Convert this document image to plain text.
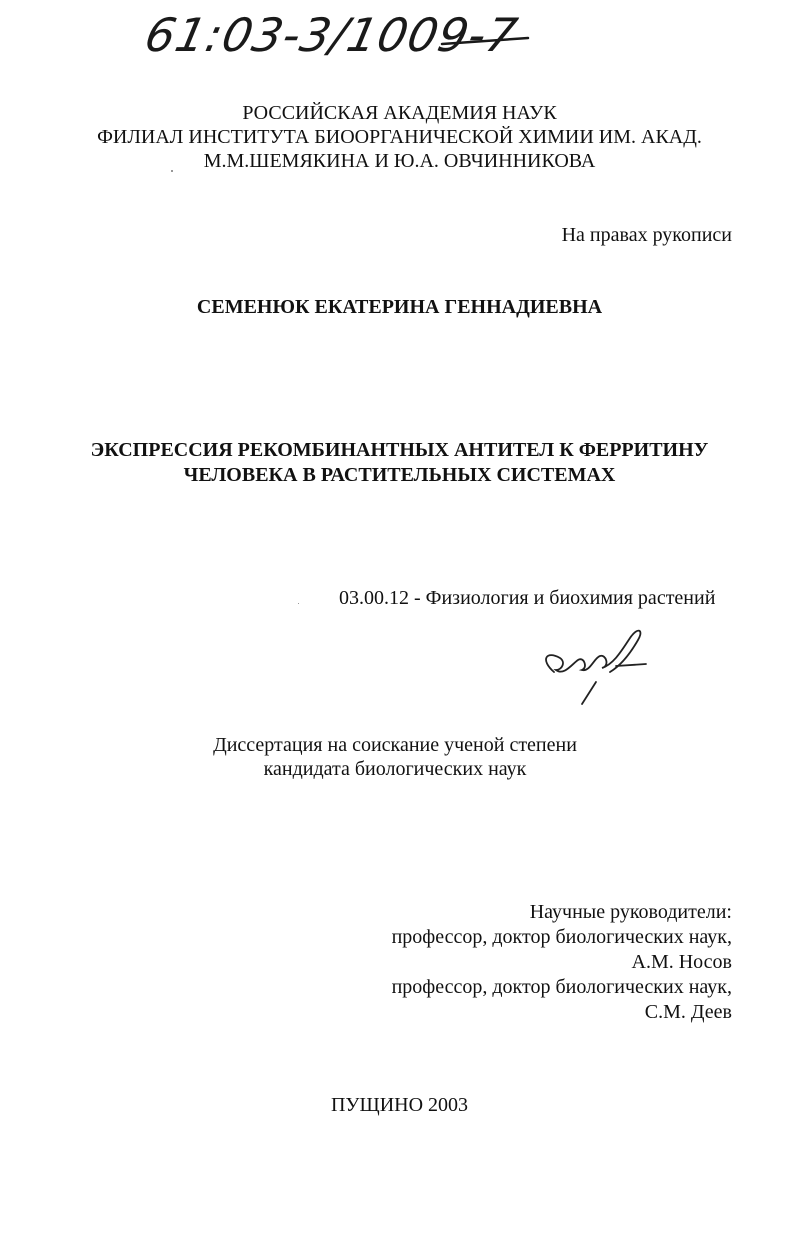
61:03-3/1009-7
РОССИЙСКАЯ АКАДЕМИЯ НАУК
ФИЛИАЛ ИНСТИТУТА БИООРГАНИЧЕСКОЙ ХИМИИ ИМ. АКАД.
М.М.ШЕМЯКИНА И Ю.А. ОВЧИННИКОВА
На правах рукописи
СЕМЕНЮК ЕКАТЕРИНА ГЕННАДИЕВНА
ЭКСПРЕССИЯ РЕКОМБИНАНТНЫХ АНТИТЕЛ К ФЕРРИТИНУ
ЧЕЛОВЕКА В РАСТИТЕЛЬНЫХ СИСТЕМАХ
03.00.12 - Физиология и биохимия растений
Диссертация на соискание ученой степени
кандидата биологических наук
Научные руководители:
профессор, доктор биологических наук,
А.М. Носов
профессор, доктор биологических наук,
С.М. Деев
ПУЩИНО 2003
